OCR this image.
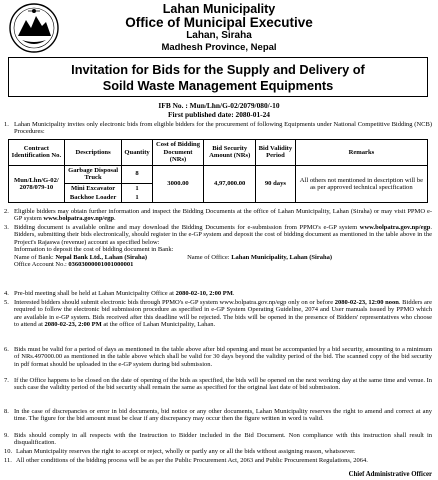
Lahan Municipality
Office of Municipal Executive
Lahan, Siraha
Madhesh Province, Nepal
Invitation for Bids for the Supply and Delivery of
Soild Waste Management Equipments
IFB No. : Mun/Lhn/G-02/2079/080/-10
First published date: 2080-01-24
1. Lahan Municipality invites only electronic bids from eligible bidders for the procurement of following Equipments under National Competitive Bidding (NCB) Procedures:
Contract Identification No.	Descriptions	Quantity	Cost of Bidding Document (NRs)	Bid Security Amount (NRs)	Bid Validity Period	Remarks
Mun/Lhn/G-02/ 2078/079-10	Garbage Disposal Truck	8	3000.00	4,97,000.00	90 days	All others not mentioned in description will be as per approved technical specification
	Mini Excavator	1				
	Backhoe Loader	1				
2. Eligible bidders may obtain further information and inspect the Bidding Documents at the office of Lahan Municipality, Lahan (Siraha) or may visit PPMO e-GP system www.bolpatra.gov.np/egp.
3. Bidding document is available online and may download the Bidding Documents for e-submission from PPMO's e-GP system www.bolpatra.gov.np/egp. Bidders, submitting their bids electronically, should register in the e-GP system and deposit the cost of bidding document as mentioned in the table above in the Project's Rajaswa (revenue) account as specified below:
Information to deposit the cost of bidding document in Bank:
Name of Bank: Nepal Bank Ltd., Lahan (Siraha)	Name of Office: Lahan Municipality, Lahan (Siraha)
Office Account No.: 03603000001001000001
4. Pre-bid meeting shall be held at Lahan Municipality Office at 2080-02-10, 2:00 PM.
5. Interested bidders should submit electronic bids through PPMO's e-GP system www.bolpatra.gov.np/egp only on or before 2080-02-23, 12:00 noon. Bidders are required to follow the electronic bid submission procedure as specified in e-GP System Operating Guideline, 2074 and User manuals issued by PPMO which are available in e-GP system. Bids received after this deadline will be rejected. The bids will be opened in the presence of Bidders' representatives who choose to attend at 2080-02-23, 2:00 PM at the office of Lahan Municipality, Lahan.
6. Bids must be valid for a period of days as mentioned in the table above after bid opening and must be accompanied by a bid security, amounting to a minimum of NRs.497000.00 as mentioned in the table above which shall be valid for 30 days beyond the validity period of the bid. The scanned copy of the bid security in pdf format should be uploaded in the e-GP system during bid submission.
7. If the Office happens to be closed on the date of opening of the bids as specified, the bids will be opened on the next working day at the same time and venue. In such case the validity period of the bid security shall remain the same as specified for the original last date of bid submission.
8. In the case of discrepancies or error in bid documents, bid notice or any other documents, Lahan Municipality reserves the right to amend and correct at any time. The figure for the bid amount must be clear if any discrepancy may occur then the figure written in word is valid.
9. Bids should comply in all respects with the Instruction to Bidder included in the Bid Document. Non compliance with this instruction shall result in disqualification.
10. Lahan Municipality reserves the right to accept or reject, wholly or partly any or all the bids without assigning reason, whatsoever.
11. All other conditions of the bidding process will be as per the Public Procurement Act, 2063 and Public Procurement Regulations, 2064.
Chief Administrative Officer
